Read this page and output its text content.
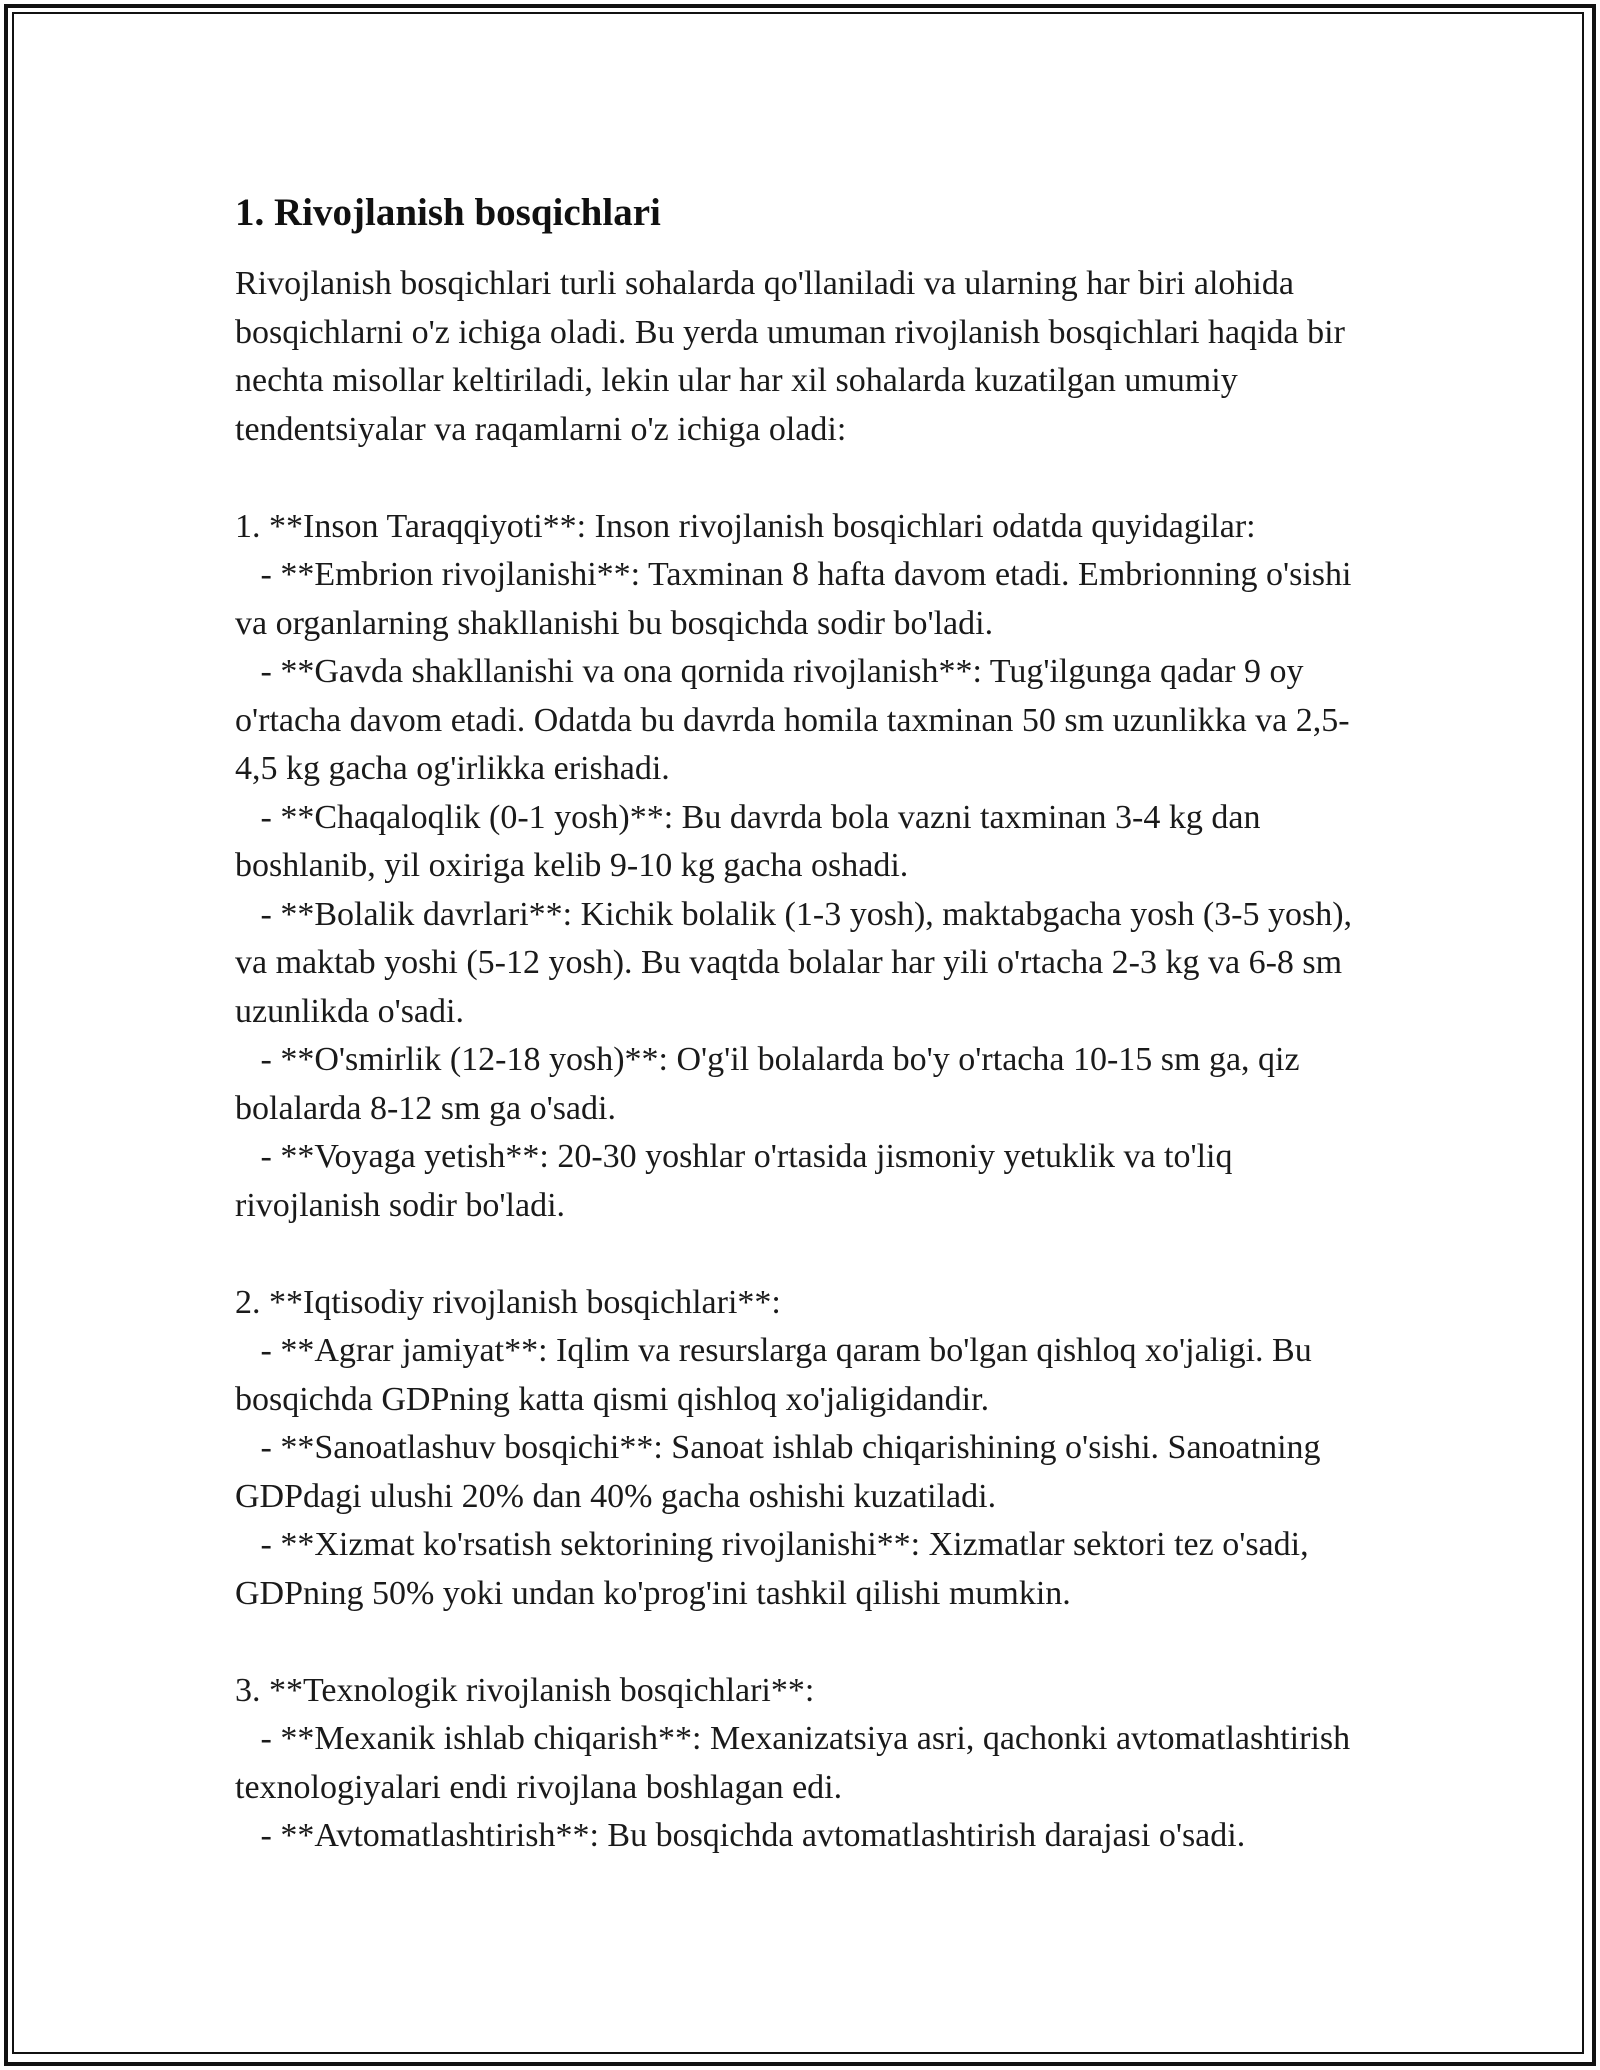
1. Rivojlanish bosqichlari

Rivojlanish bosqichlari turli sohalarda qo'llaniladi va ularning har biri alohida bosqichlarni o'z ichiga oladi. Bu yerda umuman rivojlanish bosqichlari haqida bir nechta misollar keltiriladi, lekin ular har xil sohalarda kuzatilgan umumiy tendentsiyalar va raqamlarni o'z ichiga oladi:

1. **Inson Taraqqiyoti**: Inson rivojlanish bosqichlari odatda quyidagilar:

- **Embrion rivojlanishi**: Taxminan 8 hafta davom etadi. Embrionning o'sishi va organlarning shakllanishi bu bosqichda sodir bo'ladi.

- **Gavda shakllanishi va ona qornida rivojlanish**: Tug'ilgunga qadar 9 oy o'rtacha davom etadi. Odatda bu davrda homila taxminan 50 sm uzunlikka va 2,5-4,5 kg gacha og'irlikka erishadi.

- **Chaqaloqlik (0-1 yosh)**: Bu davrda bola vazni taxminan 3-4 kg dan boshlanib, yil oxiriga kelib 9-10 kg gacha oshadi.

- **Bolalik davrlari**: Kichik bolalik (1-3 yosh), maktabgacha yosh (3-5 yosh), va maktab yoshi (5-12 yosh). Bu vaqtda bolalar har yili o'rtacha 2-3 kg va 6-8 sm uzunlikda o'sadi.

- **O'smirlik (12-18 yosh)**: O'g'il bolalarda bo'y o'rtacha 10-15 sm ga, qiz bolalarda 8-12 sm ga o'sadi.

- **Voyaga yetish**: 20-30 yoshlar o'rtasida jismoniy yetuklik va to'liq rivojlanish sodir bo'ladi.

2. **Iqtisodiy rivojlanish bosqichlari**:

- **Agrar jamiyat**: Iqlim va resurslarga qaram bo'lgan qishloq xo'jaligi. Bu bosqichda GDPning katta qismi qishloq xo'jaligidandir.

- **Sanoatlashuv bosqichi**: Sanoat ishlab chiqarishining o'sishi. Sanoatning GDPdagi ulushi 20% dan 40% gacha oshishi kuzatiladi.

- **Xizmat ko'rsatish sektorining rivojlanishi**: Xizmatlar sektori tez o'sadi, GDPning 50% yoki undan ko'prog'ini tashkil qilishi mumkin.

3. **Texnologik rivojlanish bosqichlari**:

- **Mexanik ishlab chiqarish**: Mexanizatsiya asri, qachonki avtomatlashtirish texnologiyalari endi rivojlana boshlagan edi.

- **Avtomatlashtirish**: Bu bosqichda avtomatlashtirish darajasi o'sadi.
